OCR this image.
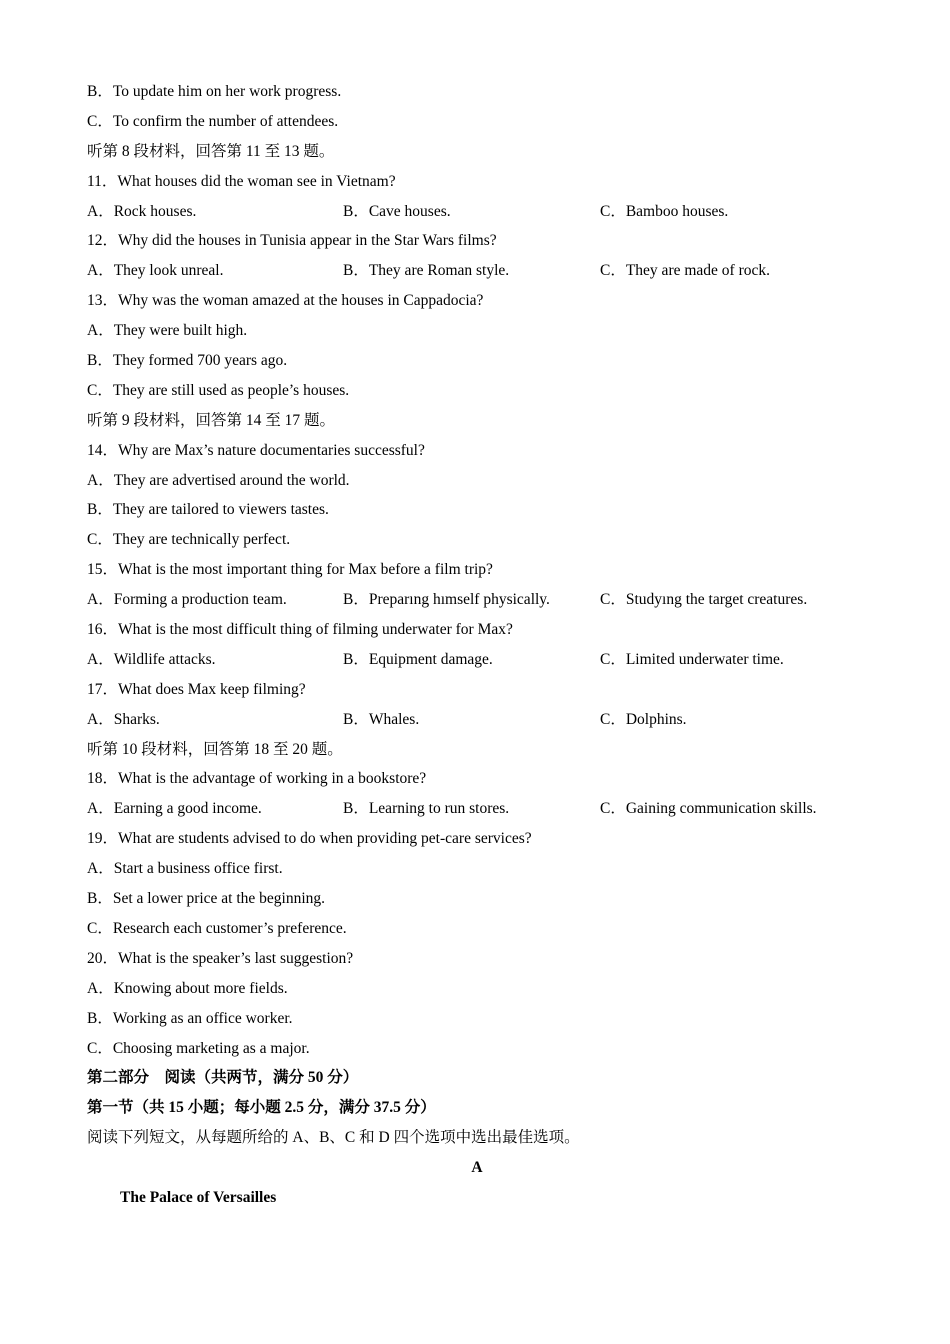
B．To update him on her work progress.
C．To confirm the number of attendees.
听第 8 段材料，回答第 11 至 13 题。
11．What houses did the woman see in Vietnam?
A．Rock houses.	B．Cave houses.	C．Bamboo houses.
12．Why did the houses in Tunisia appear in the Star Wars films?
A．They look unreal.	B．They are Roman style.	C．They are made of rock.
13．Why was the woman amazed at the houses in Cappadocia?
A．They were built high.
B．They formed 700 years ago.
C．They are still used as people’s houses.
听第 9 段材料，回答第 14 至 17 题。
14．Why are Max’s nature documentaries successful?
A．They are advertised around the world.
B．They are tailored to viewers tastes.
C．They are technically perfect.
15．What is the most important thing for Max before a film trip?
A．Forming a production team.	B．Preparıng hımself physically.	C．Studyıng the target creatures.
16．What is the most difficult thing of filming underwater for Max?
A．Wildlife attacks.	B．Equipment damage.	C．Limited underwater time.
17．What does Max keep filming?
A．Sharks.	B．Whales.	C．Dolphins.
听第 10 段材料，回答第 18 至 20 题。
18．What is the advantage of working in a bookstore?
A．Earning a good income.	B．Learning to run stores.	C．Gaining communication skills.
19．What are students advised to do when providing pet-care services?
A．Start a business office first.
B．Set a lower price at the beginning.
C．Research each customer’s preference.
20．What is the speaker’s last suggestion?
A．Knowing about more fields.
B．Working as an office worker.
C．Choosing marketing as a major.
第二部分　阅读（共两节，满分 50 分）
第一节（共 15 小题；每小题 2.5 分，满分 37.5 分）
阅读下列短文，从每题所给的 A、B、C 和 D 四个选项中选出最佳选项。
A
The Palace of Versailles
